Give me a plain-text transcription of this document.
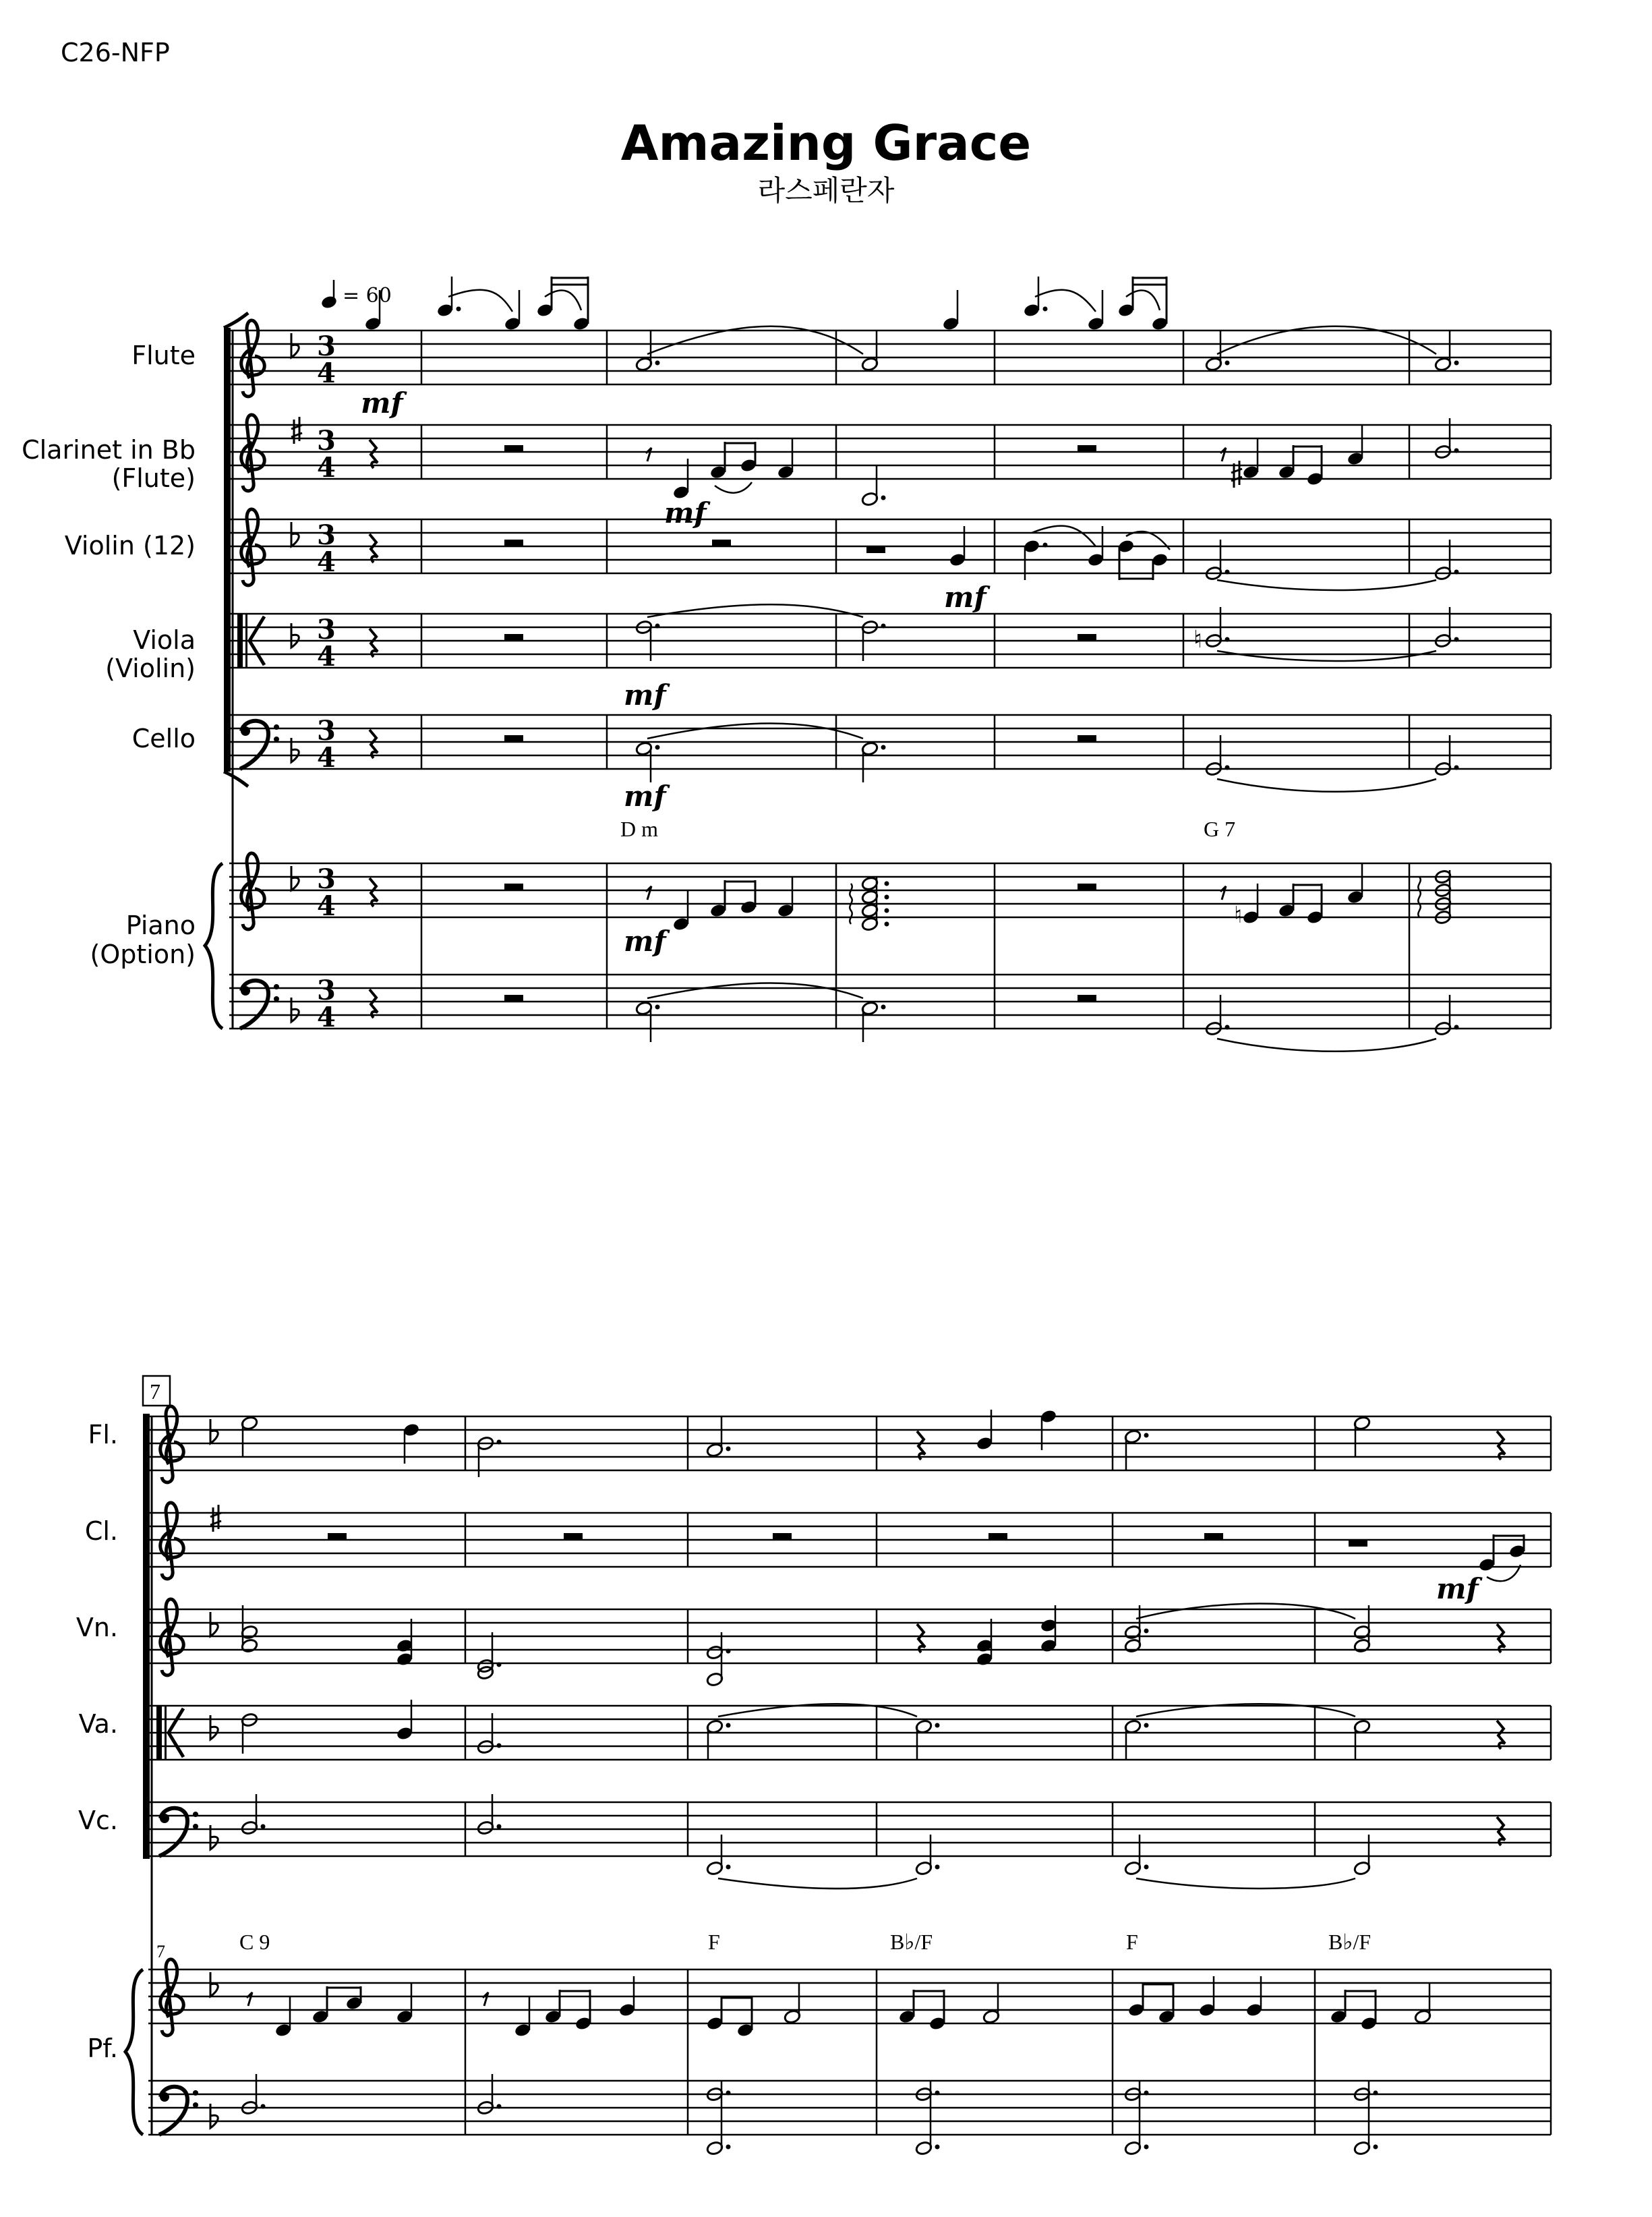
C26-NFP
Amazing Grace
라스페란자
= 60
Flute
Clarinet in Bb
(Flute)
Violin (12)
Viola
(Violin)
Cello
Piano
(Option)
3
4
3
4
3
4
3
4
3
4
3
4
3
4
mf
mf
mf
♮
mf
mf
D m	G 7
♮
mf
7
Fl.
Cl.
Vn.
Va.
Vc.
Pf.
mf
7	C 9	F	B♭/F	F	B♭/F
